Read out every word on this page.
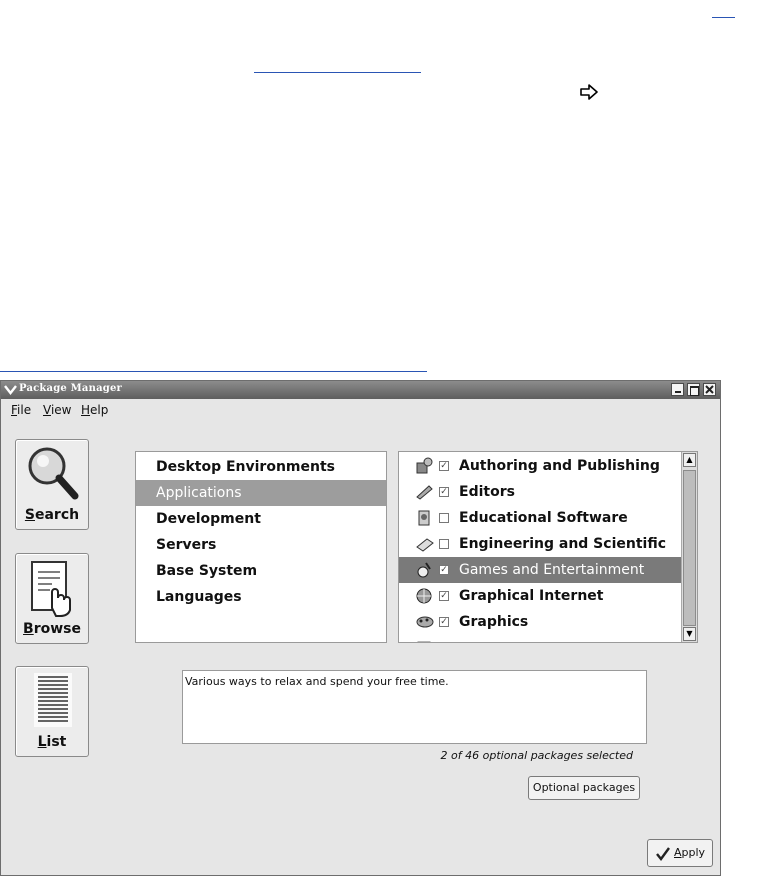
Package Manager
File View Help
Search
Browse
List
Desktop Environments
Applications
Development
Servers
Base System
Languages
✓ Authoring and Publishing
✓ Editors
Educational Software
Engineering and Scientific
✓ Games and Entertainment
✓ Graphical Internet
✓ Graphics
▲
▼
Various ways to relax and spend your free time.
2 of 46 optional packages selected
Optional packages
Apply
